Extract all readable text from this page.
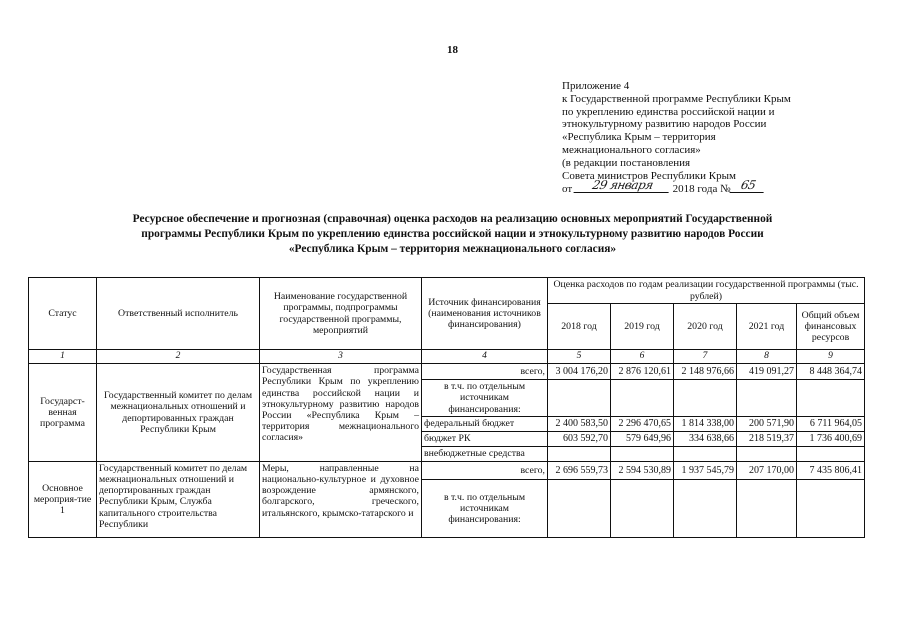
18
Приложение 4
к Государственной программе Республики Крым
по укреплению единства российской нации и
этнокультурному развитию народов России
«Республика Крым – территория
межнационального согласия»
(в редакции постановления
Совета министров Республики Крым
от 29 января 2018 года № 65
Ресурсное обеспечение и прогнозная (справочная) оценка расходов на реализацию основных мероприятий Государственной
программы Республики Крым по укреплению единства российской нации и этнокультурному развитию народов России
«Республика Крым – территория межнационального согласия»
Статус	Ответственный исполнитель	Наименование государственной программы, подпрограммы государственной программы, мероприятий	Источник финансирования (наименования источников финансирования)	Оценка расходов по годам реализации государственной программы (тыс. рублей)				
				2018 год	2019 год	2020 год	2021 год	Общий объем финансовых ресурсов
1	2	3	4	5	6	7	8	9
Государст-венная программа	Государственный комитет по делам межнациональных отношений и депортированных граждан Республики Крым	Государственная программа Республики Крым по укреплению единства российской нации и этнокультурному развитию народов России «Республика Крым – территория межнационального согласия»	всего,	3 004 176,20	2 876 120,61	2 148 976,66	419 091,27	8 448 364,74
			в т.ч. по отдельным источникам финансирования:					
			федеральный бюджет	2 400 583,50	2 296 470,65	1 814 338,00	200 571,90	6 711 964,05
			бюджет РК	603 592,70	579 649,96	334 638,66	218 519,37	1 736 400,69
			внебюджетные средства					
Основное мероприя-тие 1	Государственный комитет по делам межнациональных отношений и депортированных граждан Республики Крым, Служба капитального строительства Республики	Меры, направленные на национально-культурное и духовное возрождение армянского, болгарского, греческого, итальянского, крымско-татарского и	всего,	2 696 559,73	2 594 530,89	1 937 545,79	207 170,00	7 435 806,41
			в т.ч. по отдельным источникам финансирования:					
